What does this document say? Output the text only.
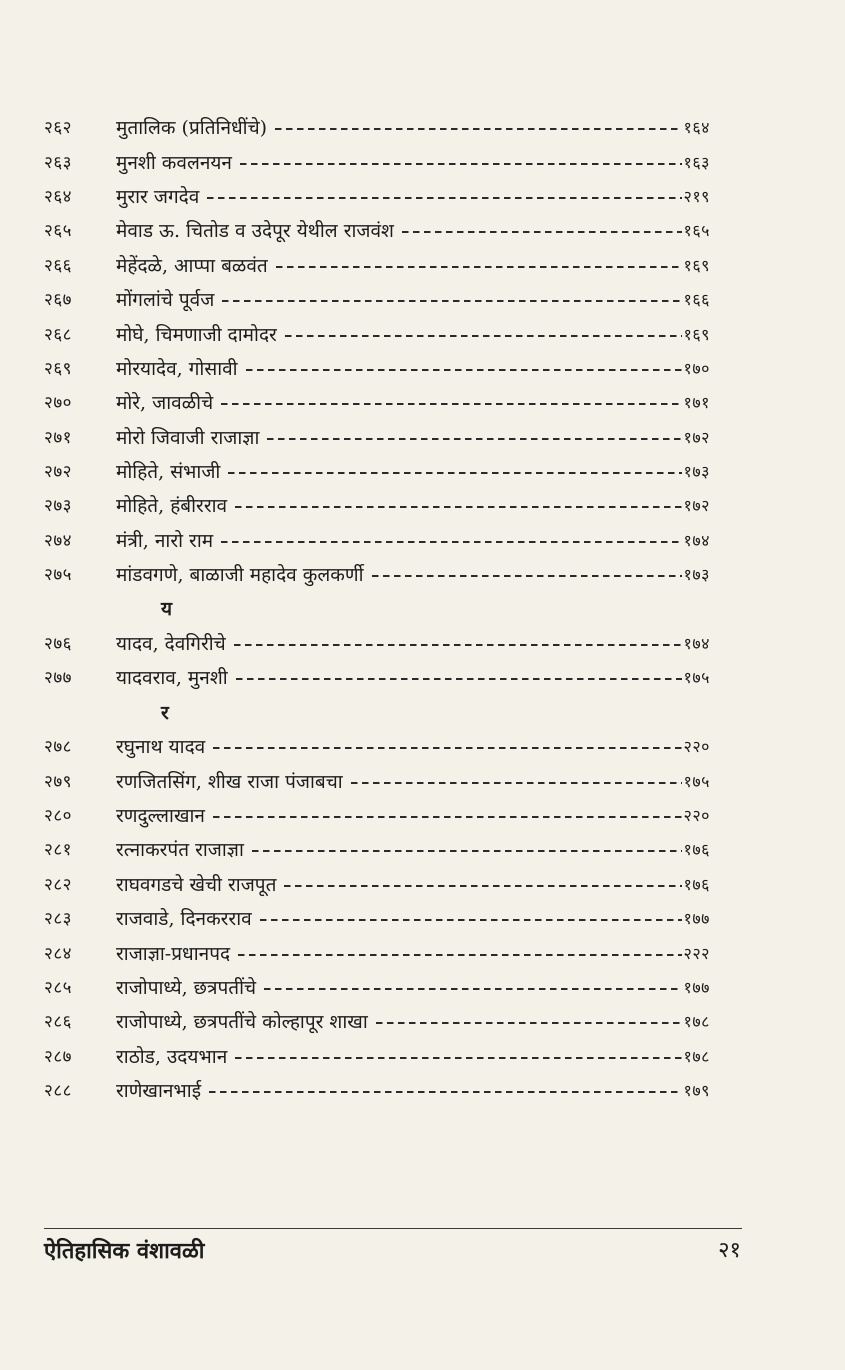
२६२	मुतालिक (प्रतिनिधींचे)	१६४
२६३	मुनशी कवलनयन	१६३
२६४	मुरार जगदेव	२१९
२६५	मेवाड ऊ. चितोड व उदेपूर येथील राजवंश	१६५
२६६	मेहेंदळे, आप्पा बळवंत	१६९
२६७	मोंगलांचे पूर्वज	१६६
२६८	मोघे, चिमणाजी दामोदर	१६९
२६९	मोरयादेव, गोसावी	१७०
२७०	मोरे, जावळीचे	१७१
२७१	मोरो जिवाजी राजाज्ञा	१७२
२७२	मोहिते, संभाजी	१७३
२७३	मोहिते, हंबीरराव	१७२
२७४	मंत्री, नारो राम	१७४
२७५	मांडवगणे, बाळाजी महादेव कुलकर्णी	१७३
य
२७६	यादव, देवगिरीचे	१७४
२७७	यादवराव, मुनशी	१७५
र
२७८	रघुनाथ यादव	२२०
२७९	रणजितसिंग, शीख राजा पंजाबचा	१७५
२८०	रणदुल्लाखान	२२०
२८१	रत्नाकरपंत राजाज्ञा	१७६
२८२	राघवगडचे खेची राजपूत	१७६
२८३	राजवाडे, दिनकरराव	१७७
२८४	राजाज्ञा-प्रधानपद	२२२
२८५	राजोपाध्ये, छत्रपतींचे	१७७
२८६	राजोपाध्ये, छत्रपतींचे कोल्हापूर शाखा	१७८
२८७	राठोड, उदयभान	१७८
२८८	राणेखानभाई	१७९
ऐतिहासिक वंशावळी	२१
